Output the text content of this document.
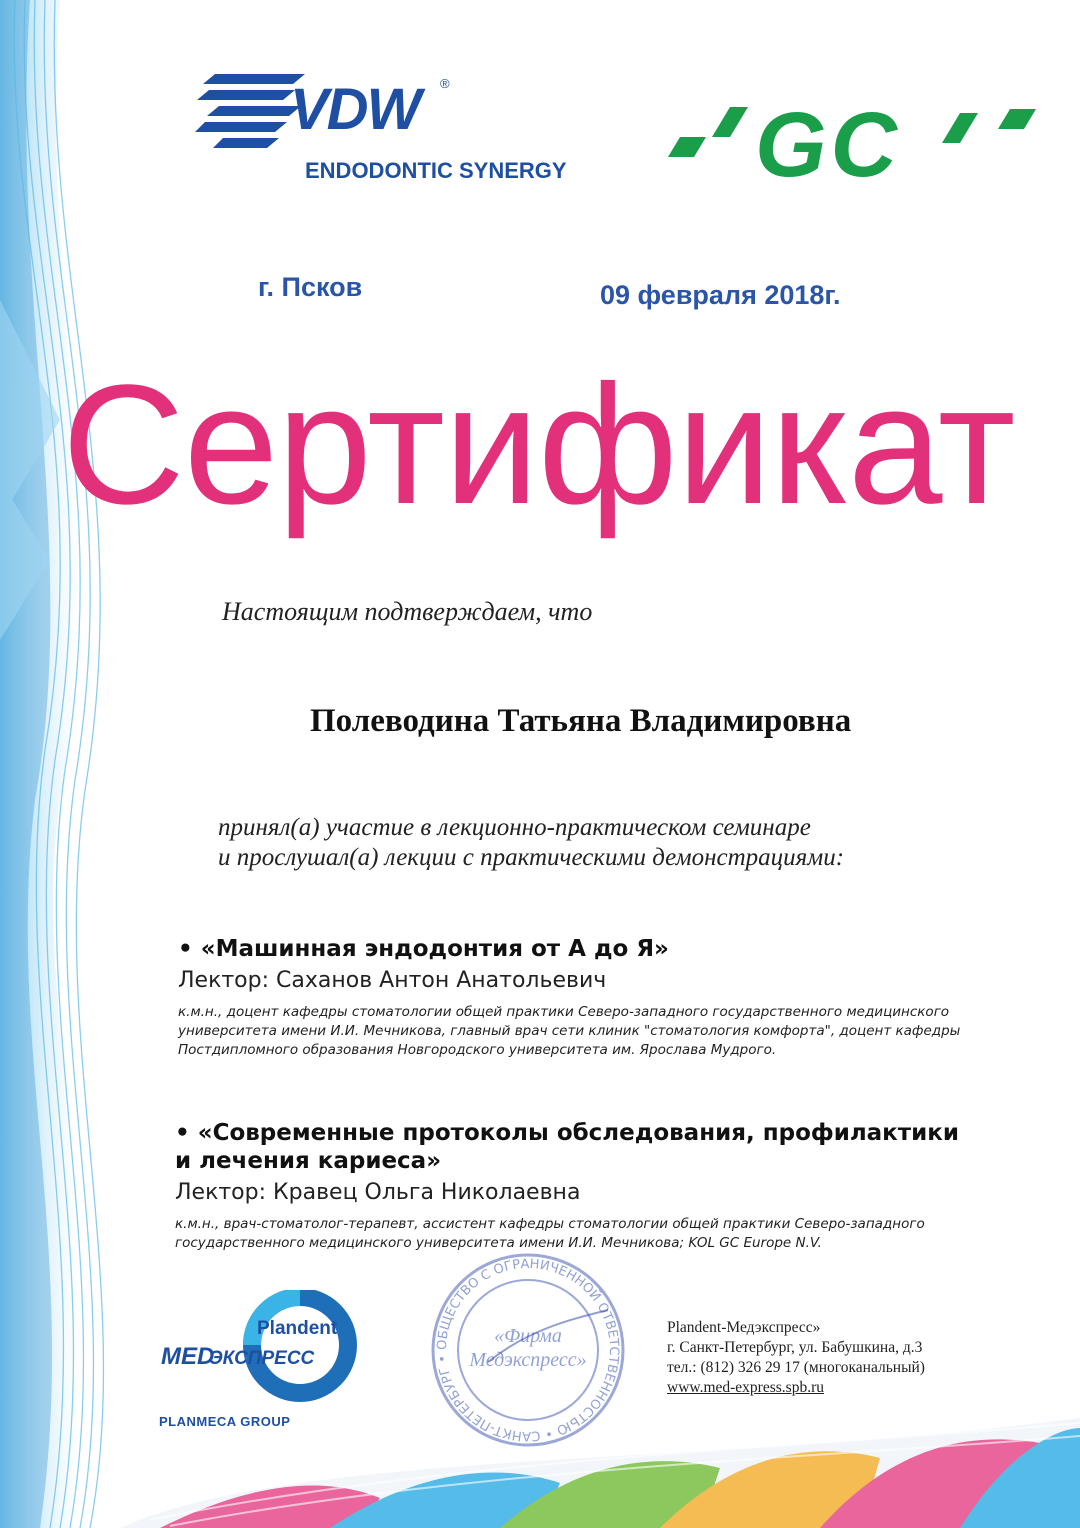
VDW ®
ENDODONTIC SYNERGY GC
г. Псков	09 февраля 2018г.
Сертификат
Настоящим подтверждаем, что
Полеводина Татьяна Владимировна
принял(а) участие в лекционно-практическом семинаре
и прослушал(а) лекции с практическими демонстрациями:
• «Машинная эндодонтия от А до Я»
Лектор: Саханов Антон Анатольевич
к.м.н., доцент кафедры стоматологии общей практики Северо-западного государственного медицинского
университета имени И.И. Мечникова, главный врач сети клиник "стоматология комфорта", доцент кафедры
Постдипломного образования Новгородского университета им. Ярослава Мудрого.
• «Современные протоколы обследования, профилактики
и лечения кариеса»
Лектор: Кравец Ольга Николаевна
к.м.н., врач-стоматолог-терапевт, ассистент кафедры стоматологии общей практики Северо-западного
государственного медицинского университета имени И.И. Мечникова; KOL GC Europe N.V.
Plandent
MED
ЭКСПРЕСС
PLANMECA GROUP
ОБЩЕСТВО С ОГРАНИЧЕННОЙ ОТВЕТСТВЕННОСТЬЮ • САНКТ-ПЕТЕРБУРГ •
«Фирма
Медэкспресс»
Plandent-Медэкспресс»
г. Санкт-Петербург, ул. Бабушкина, д.3
тел.: (812) 326 29 17 (многоканальный)
www.med-express.spb.ru
